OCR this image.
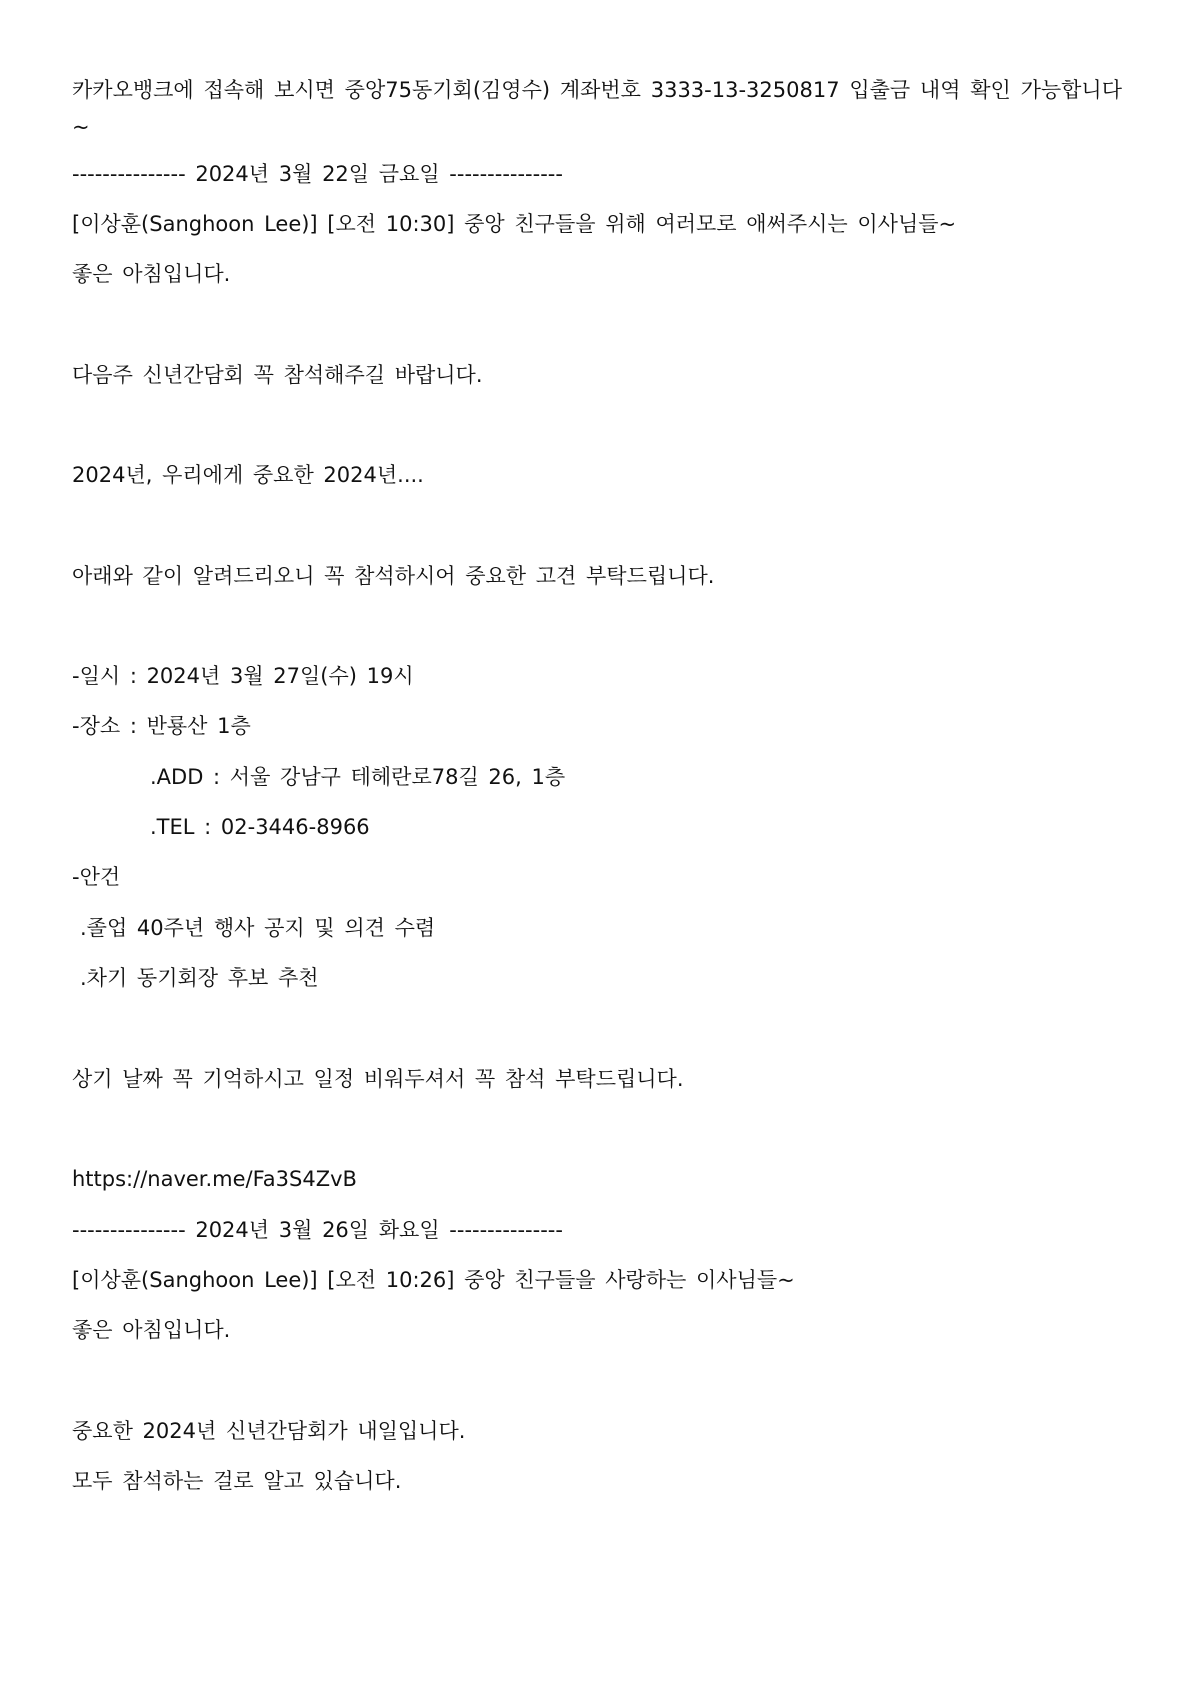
카카오뱅크에 접속해 보시면 중앙75동기회(김영수) 계좌번호 3333-13-3250817 입출금 내역 확인 가능합니다~
--------------- 2024년 3월 22일 금요일 ---------------
[이상훈(Sanghoon Lee)] [오전 10:30] 중앙 친구들을 위해 여러모로 애써주시는 이사님들~
좋은 아침입니다.
다음주 신년간담회 꼭 참석해주길 바랍니다.
2024년, 우리에게 중요한 2024년....
아래와 같이 알려드리오니 꼭 참석하시어 중요한 고견 부탁드립니다.
-일시 : 2024년 3월 27일(수) 19시
-장소 : 반룡산 1층
.ADD : 서울 강남구 테헤란로78길 26, 1층
.TEL : 02-3446-8966
-안건
.졸업 40주년 행사 공지 및 의견 수렴
.차기 동기회장 후보 추천
상기 날짜 꼭 기억하시고 일정 비워두셔서 꼭 참석 부탁드립니다.
https://naver.me/Fa3S4ZvB
--------------- 2024년 3월 26일 화요일 ---------------
[이상훈(Sanghoon Lee)] [오전 10:26] 중앙 친구들을 사랑하는 이사님들~
좋은 아침입니다.
중요한 2024년 신년간담회가 내일입니다.
모두 참석하는 걸로 알고 있습니다.
